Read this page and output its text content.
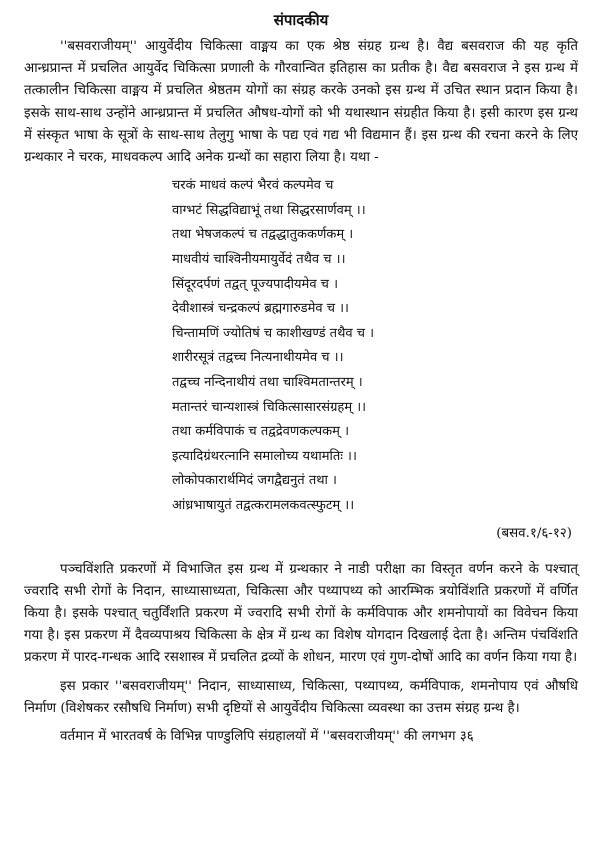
संपादकीय

''बसवराजीयम्'' आयुर्वेदीय चिकित्सा वाङ्मय का एक श्रेष्ठ संग्रह ग्रन्थ है। वैद्य बसवराज की यह कृति आन्ध्रप्रान्त में प्रचलित आयुर्वेद चिकित्सा प्रणाली के गौरवान्वित इतिहास का प्रतीक है। वैद्य बसवराज ने इस ग्रन्थ में तत्कालीन चिकित्सा वाङ्मय में प्रचलित श्रेष्ठतम योगों का संग्रह करके उनको इस ग्रन्थ में उचित स्थान प्रदान किया है। इसके साथ-साथ उन्होंने आन्ध्रप्रान्त में प्रचलित औषध-योगों को भी यथास्थान संग्रहीत किया है। इसी कारण इस ग्रन्थ में संस्कृत भाषा के सूत्रों के साथ-साथ तेलुगु भाषा के पद्य एवं गद्य भी विद्यमान हैं। इस ग्रन्थ की रचना करने के लिए ग्रन्थकार ने चरक, माधवकल्प आदि अनेक ग्रन्थों का सहारा लिया है। यथा -

चरकं माधवं कल्पं भैरवं कल्पमेव च
वाग्भटं सिद्धविद्याभूं तथा सिद्धरसार्णवम् ।।
तथा भेषजकल्पं च तद्वद्धातुककर्णकम् ।
माधवीयं चाश्विनीयमायुर्वेदं तथैव च ।।
सिंदूरदर्पणं तद्वत् पूज्यपादीयमेव च ।
देवीशास्त्रं चन्द्रकल्पं ब्रह्मगारुडमेव च ।।
चिन्तामणिं ज्योतिषं च काशीखण्डं तथैव च ।
शारीरसूत्रं तद्वच्च नित्यनाथीयमेव च ।।
तद्वच्च नन्दिनाथीयं तथा चाश्विमतान्तरम् ।
मतान्तरं चान्यशास्त्रं चिकित्सासारसंग्रहम् ।।
तथा कर्मविपाकं च तद्वद्रेवणकल्पकम् ।
इत्यादिग्रंथरत्नानि समालोच्य यथामतिः ।।
लोकोपकारार्थमिदं जगद्वैद्यनुतं तथा ।
आंध्रभाषायुतं तद्वत्करामलकवत्स्फुटम् ।।
(बसव.१/६-१२)

पञ्चविंशति प्रकरणों में विभाजित इस ग्रन्थ में ग्रन्थकार ने नाडी परीक्षा का विस्तृत वर्णन करने के पश्चात् ज्वरादि सभी रोगों के निदान, साध्यासाध्यता, चिकित्सा और पथ्यापथ्य को आरम्भिक त्रयोविंशति प्रकरणों में वर्णित किया है। इसके पश्चात् चतुर्विंशति प्रकरण में ज्वरादि सभी रोगों के कर्मविपाक और शमनोपायों का विवेचन किया गया है। इस प्रकरण में दैवव्यपाश्रय चिकित्सा के क्षेत्र में ग्रन्थ का विशेष योगदान दिखलाई देता है। अन्तिम पंचविंशति प्रकरण में पारद-गन्धक आदि रसशास्त्र में प्रचलित द्रव्यों के शोधन, मारण एवं गुण-दोषों आदि का वर्णन किया गया है।

इस प्रकार ''बसवराजीयम्'' निदान, साध्यासाध्य, चिकित्सा, पथ्यापथ्य, कर्मविपाक, शमनोपाय एवं औषधि निर्माण (विशेषकर रसौषधि निर्माण) सभी दृष्टियों से आयुर्वेदीय चिकित्सा व्यवस्था का उत्तम संग्रह ग्रन्थ है।

वर्तमान में भारतवर्ष के विभिन्न पाण्डुलिपि संग्रहालयों में ''बसवराजीयम्'' की लगभग ३६
